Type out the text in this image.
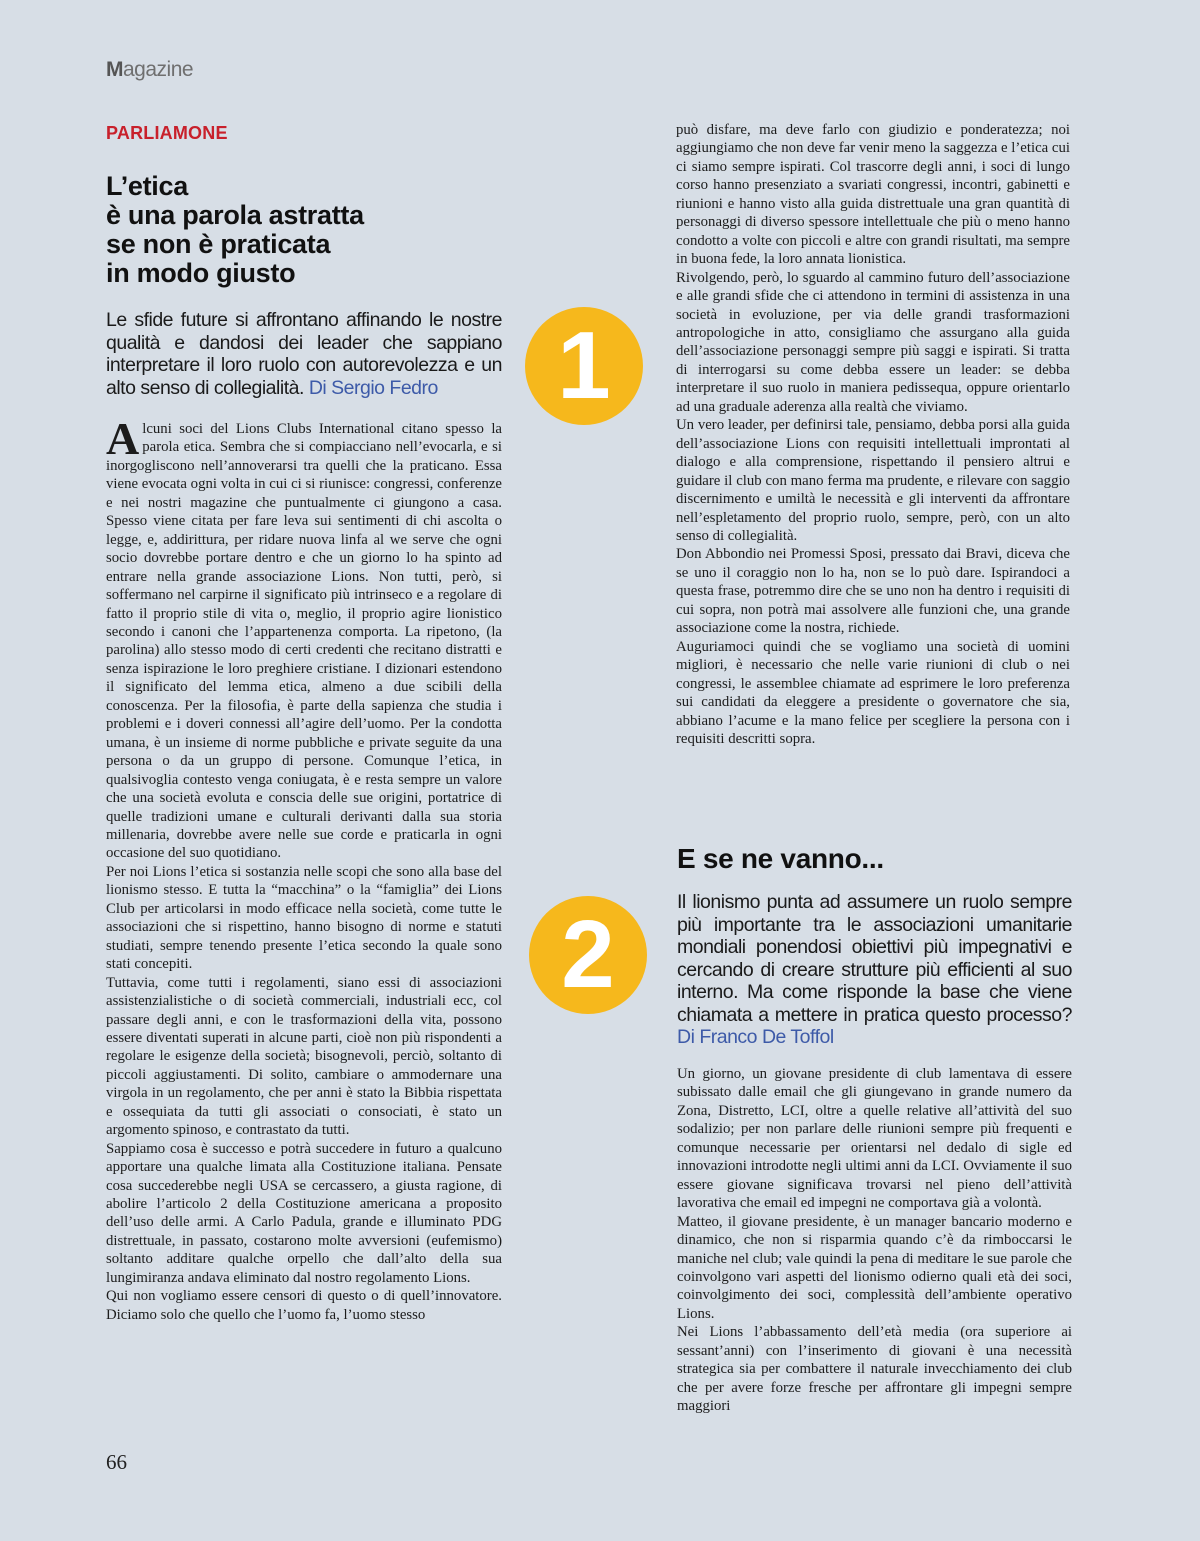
Magazine
PARLIAMONE
L’etica
è una parola astratta
se non è praticata
in modo giusto

Le sfide future si affrontano affinando le nostre qualità e dandosi dei leader che sappiano interpretare il loro ruolo con autorevolezza e un alto senso di collegialità. Di Sergio Fedro	1

Alcuni soci del Lions Clubs International citano spesso la parola etica. Sembra che si compiacciano nell’evocarla, e si inorgogliscono nell’annoverarsi tra quelli che la praticano. Essa viene evocata ogni volta in cui ci si riunisce: congressi, conferenze e nei nostri magazine che puntualmente ci giungono a casa. Spesso viene citata per fare leva sui sentimenti di chi ascolta o legge, e, addirittura, per ridare nuova linfa al we serve che ogni socio dovrebbe portare dentro e che un giorno lo ha spinto ad entrare nella grande associazione Lions. Non tutti, però, si soffermano nel carpirne il significato più intrinseco e a regolare di fatto il proprio stile di vita o, meglio, il proprio agire lionistico secondo i canoni che l’appartenenza comporta. La ripetono, (la parolina) allo stesso modo di certi credenti che recitano distratti e senza ispirazione le loro preghiere cristiane. I dizionari estendono il significato del lemma etica, almeno a due scibili della conoscenza. Per la filosofia, è parte della sapienza che studia i problemi e i doveri connessi all’agire dell’uomo. Per la condotta umana, è un insieme di norme pubbliche e private seguite da una persona o da un gruppo di persone. Comunque l’etica, in qualsivoglia contesto venga coniugata, è e resta sempre un valore che una società evoluta e conscia delle sue origini, portatrice di quelle tradizioni umane e culturali derivanti dalla sua storia millenaria, dovrebbe avere nelle sue corde e praticarla in ogni occasione del suo quotidiano.

Per noi Lions l’etica si sostanzia nelle scopi che sono alla base del lionismo stesso. E tutta la “macchina” o la “famiglia” dei Lions Club per articolarsi in modo efficace nella società, come tutte le associazioni che si rispettino, hanno bisogno di norme e statuti studiati, sempre tenendo presente l’etica secondo la quale sono stati concepiti.

Tuttavia, come tutti i regolamenti, siano essi di associazioni assistenzialistiche o di società commerciali, industriali ecc, col passare degli anni, e con le trasformazioni della vita, possono essere diventati superati in alcune parti, cioè non più rispondenti a regolare le esigenze della società; bisognevoli, perciò, soltanto di piccoli aggiustamenti. Di solito, cambiare o ammodernare una virgola in un regolamento, che per anni è stato la Bibbia rispettata e ossequiata da tutti gli associati o consociati, è stato un argomento spinoso, e contrastato da tutti.

Sappiamo cosa è successo e potrà succedere in futuro a qualcuno apportare una qualche limata alla Costituzione italiana. Pensate cosa succederebbe negli USA se cercassero, a giusta ragione, di abolire l’articolo 2 della Costituzione americana a proposito dell’uso delle armi. A Carlo Padula, grande e illuminato PDG distrettuale, in passato, costarono molte avversioni (eufemismo) soltanto additare qualche orpello che dall’alto della sua lungimiranza andava eliminato dal nostro regolamento Lions.

Qui non vogliamo essere censori di questo o di quell’innovatore. Diciamo solo che quello che l’uomo fa, l’uomo stesso

può disfare, ma deve farlo con giudizio e ponderatezza; noi aggiungiamo che non deve far venir meno la saggezza e l’etica cui ci siamo sempre ispirati. Col trascorre degli anni, i soci di lungo corso hanno presenziato a svariati congressi, incontri, gabinetti e riunioni e hanno visto alla guida distrettuale una gran quantità di personaggi di diverso spessore intellettuale che più o meno hanno condotto a volte con piccoli e altre con grandi risultati, ma sempre in buona fede, la loro annata lionistica.

Rivolgendo, però, lo sguardo al cammino futuro dell’associazione e alle grandi sfide che ci attendono in termini di assistenza in una società in evoluzione, per via delle grandi trasformazioni antropologiche in atto, consigliamo che assurgano alla guida dell’associazione personaggi sempre più saggi e ispirati. Si tratta di interrogarsi su come debba essere un leader: se debba interpretare il suo ruolo in maniera pedissequa, oppure orientarlo ad una graduale aderenza alla realtà che viviamo.

Un vero leader, per definirsi tale, pensiamo, debba porsi alla guida dell’associazione Lions con requisiti intellettuali improntati al dialogo e alla comprensione, rispettando il pensiero altrui e guidare il club con mano ferma ma prudente, e rilevare con saggio discernimento e umiltà le necessità e gli interventi da affrontare nell’espletamento del proprio ruolo, sempre, però, con un alto senso di collegialità.

Don Abbondio nei Promessi Sposi, pressato dai Bravi, diceva che se uno il coraggio non lo ha, non se lo può dare. Ispirandoci a questa frase, potremmo dire che se uno non ha dentro i requisiti di cui sopra, non potrà mai assolvere alle funzioni che, una grande associazione come la nostra, richiede.

Auguriamoci quindi che se vogliamo una società di uomini migliori, è necessario che nelle varie riunioni di club o nei congressi, le assemblee chiamate ad esprimere le loro preferenza sui candidati da eleggere a presidente o governatore che sia, abbiano l’acume e la mano felice per scegliere la persona con i requisiti descritti sopra.

E se ne vanno...
2	Il lionismo punta ad assumere un ruolo sempre più importante tra le associazioni umanitarie mondiali ponendosi obiettivi più impegnativi e cercando di creare strutture più efficienti al suo interno. Ma come risponde la base che viene chiamata a mettere in pratica questo processo? Di Franco De Toffol

Un giorno, un giovane presidente di club lamentava di essere subissato dalle email che gli giungevano in grande numero da Zona, Distretto, LCI, oltre a quelle relative all’attività del suo sodalizio; per non parlare delle riunioni sempre più frequenti e comunque necessarie per orientarsi nel dedalo di sigle ed innovazioni introdotte negli ultimi anni da LCI. Ovviamente il suo essere giovane significava trovarsi nel pieno dell’attività lavorativa che email ed impegni ne comportava già a volontà.

Matteo, il giovane presidente, è un manager bancario moderno e dinamico, che non si risparmia quando c’è da rimboccarsi le maniche nel club; vale quindi la pena di meditare le sue parole che coinvolgono vari aspetti del lionismo odierno quali età dei soci, coinvolgimento dei soci, complessità dell’ambiente operativo Lions.

Nei Lions l’abbassamento dell’età media (ora superiore ai sessant’anni) con l’inserimento di giovani è una necessità strategica sia per combattere il naturale invecchiamento dei club che per avere forze fresche per affrontare gli impegni sempre maggiori

66
